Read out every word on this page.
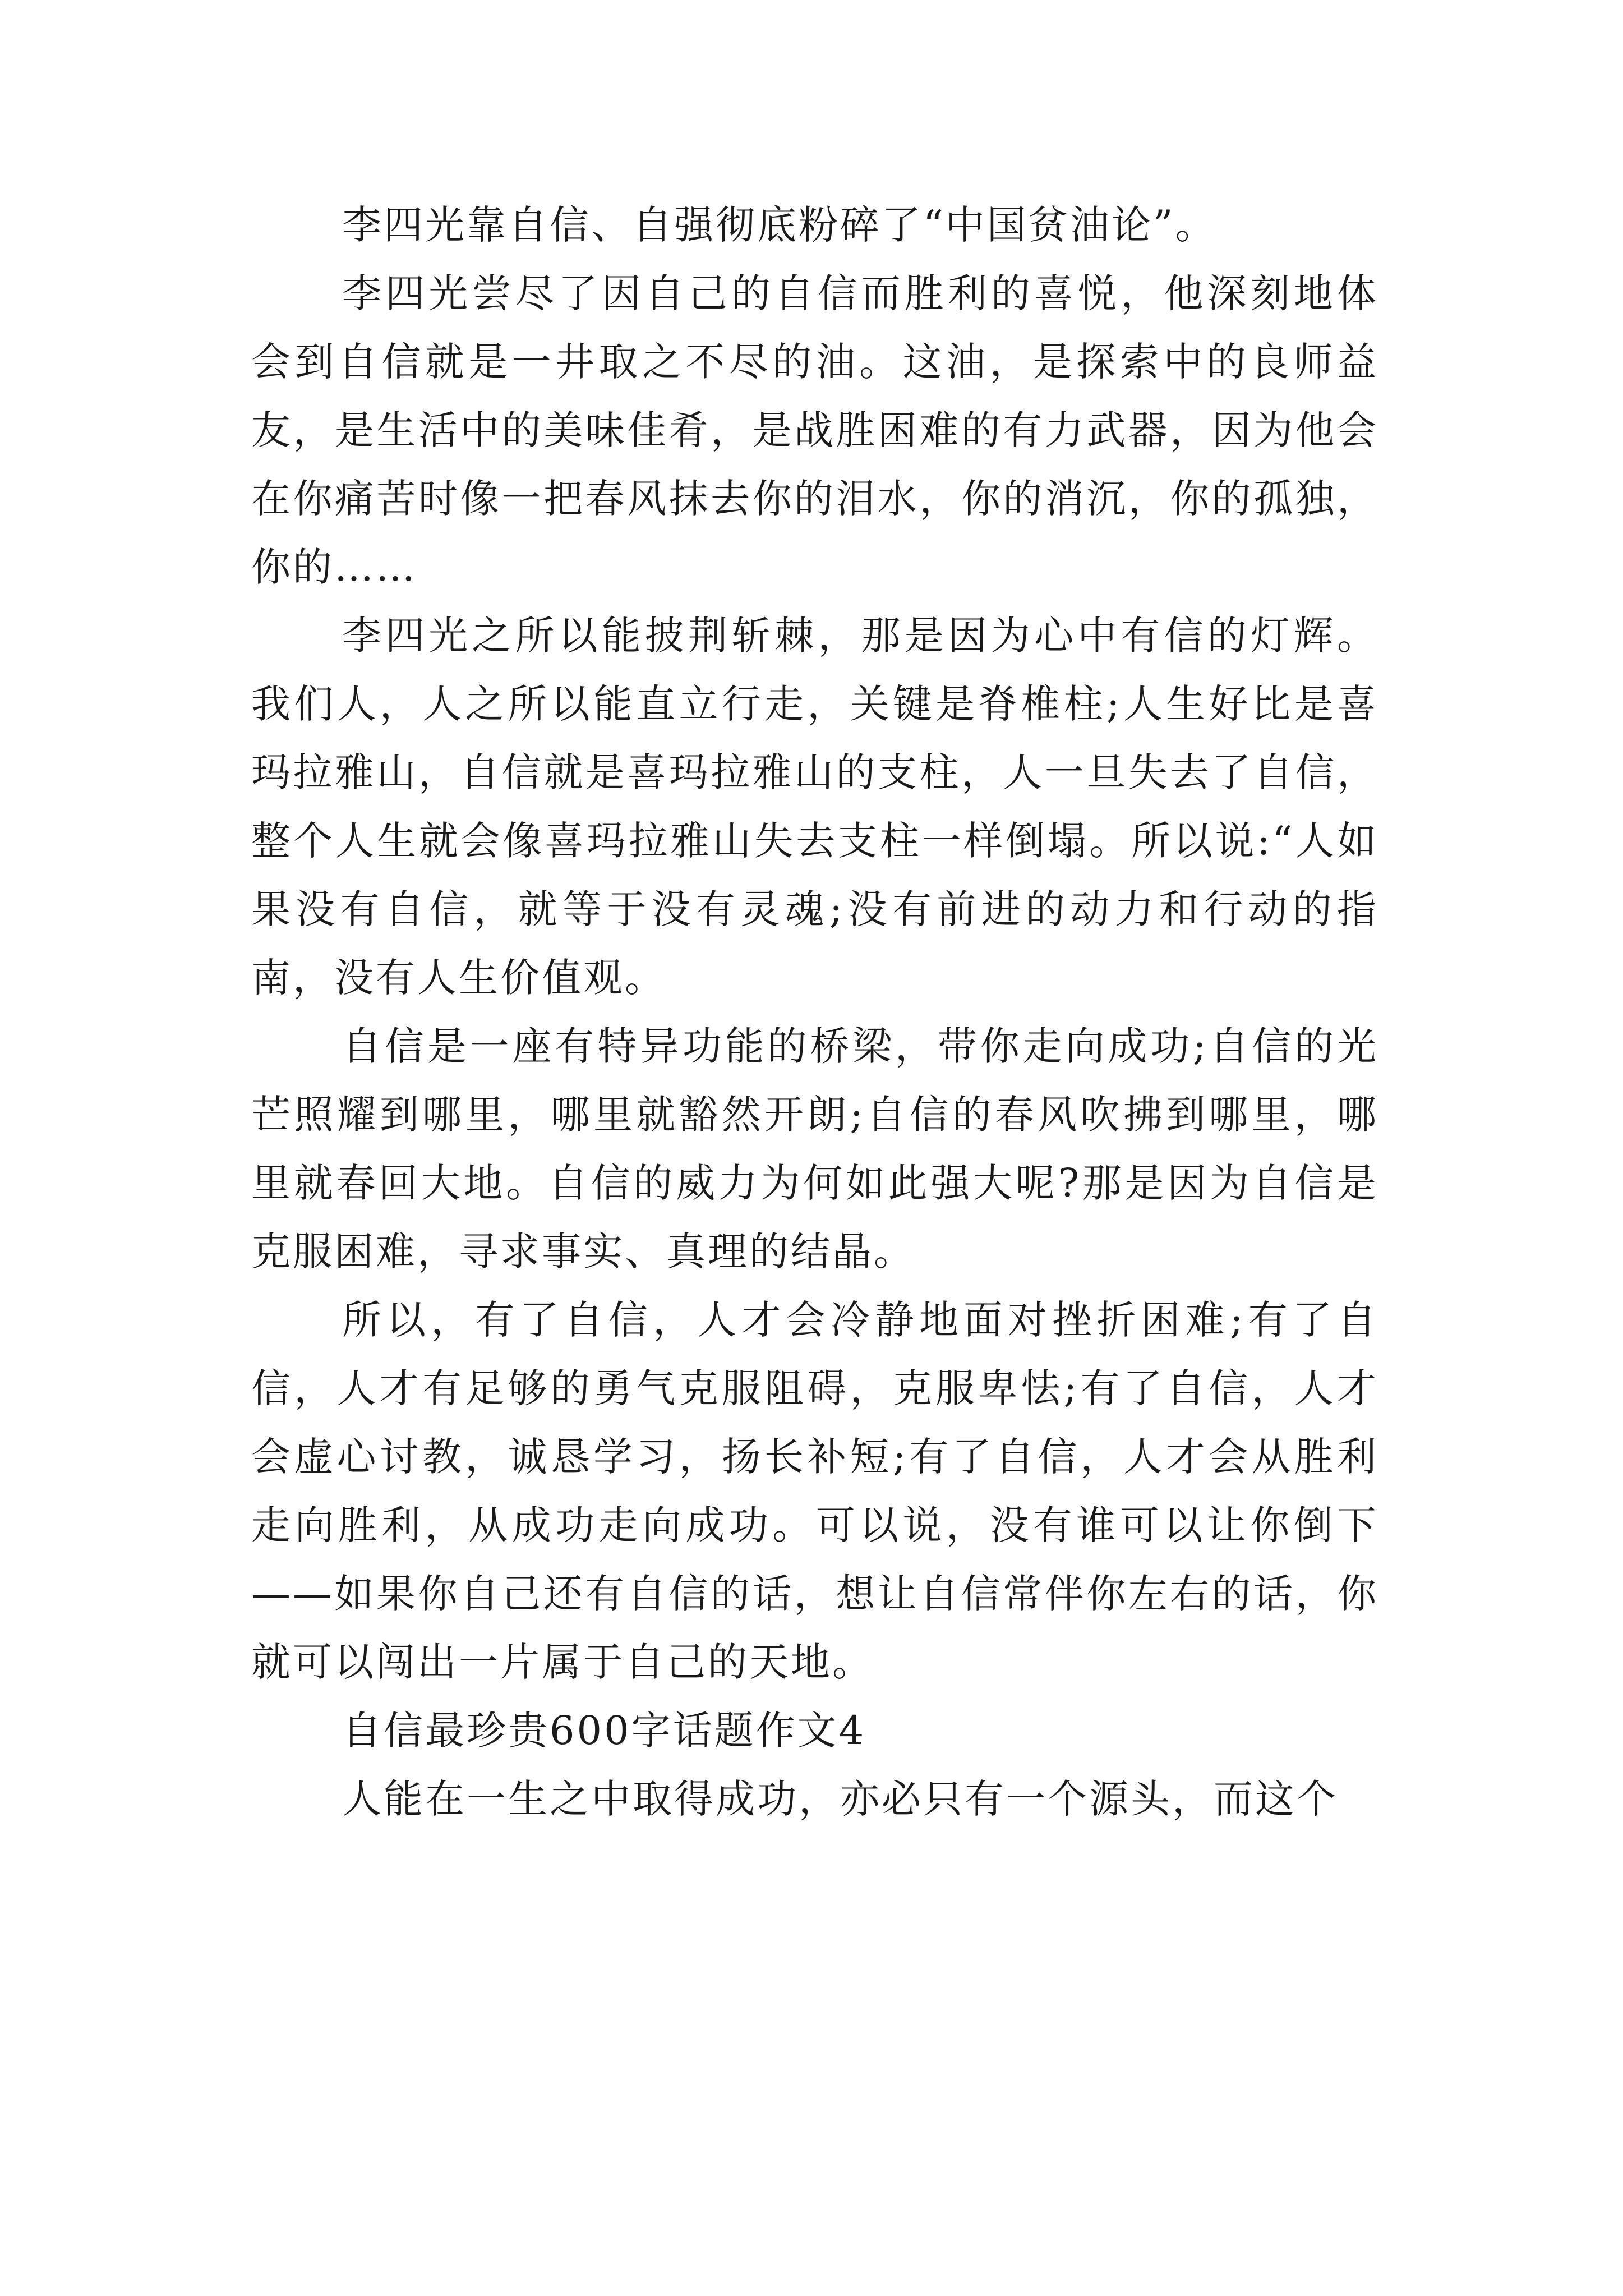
李四光靠自信、自强彻底粉碎了“中国贫油论”。

李四光尝尽了因自己的自信而胜利的喜悦，他深刻地体会到自信就是一井取之不尽的油。这油，是探索中的良师益友，是生活中的美味佳肴，是战胜困难的有力武器，因为他会在你痛苦时像一把春风抹去你的泪水，你的消沉，你的孤独，你的……

李四光之所以能披荆斩棘，那是因为心中有信的灯辉。我们人，人之所以能直立行走，关键是脊椎柱;人生好比是喜玛拉雅山，自信就是喜玛拉雅山的支柱，人一旦失去了自信，整个人生就会像喜玛拉雅山失去支柱一样倒塌。所以说:“人如果没有自信，就等于没有灵魂;没有前进的动力和行动的指南，没有人生价值观。

自信是一座有特异功能的桥梁，带你走向成功;自信的光芒照耀到哪里，哪里就豁然开朗;自信的春风吹拂到哪里，哪里就春回大地。自信的威力为何如此强大呢?那是因为自信是克服困难，寻求事实、真理的结晶。

所以，有了自信，人才会冷静地面对挫折困难;有了自信，人才有足够的勇气克服阻碍，克服卑怯;有了自信，人才会虚心讨教，诚恳学习，扬长补短;有了自信，人才会从胜利走向胜利，从成功走向成功。可以说，没有谁可以让你倒下——如果你自己还有自信的话，想让自信常伴你左右的话，你就可以闯出一片属于自己的天地。

自信最珍贵600字话题作文4

人能在一生之中取得成功，亦必只有一个源头，而这个
